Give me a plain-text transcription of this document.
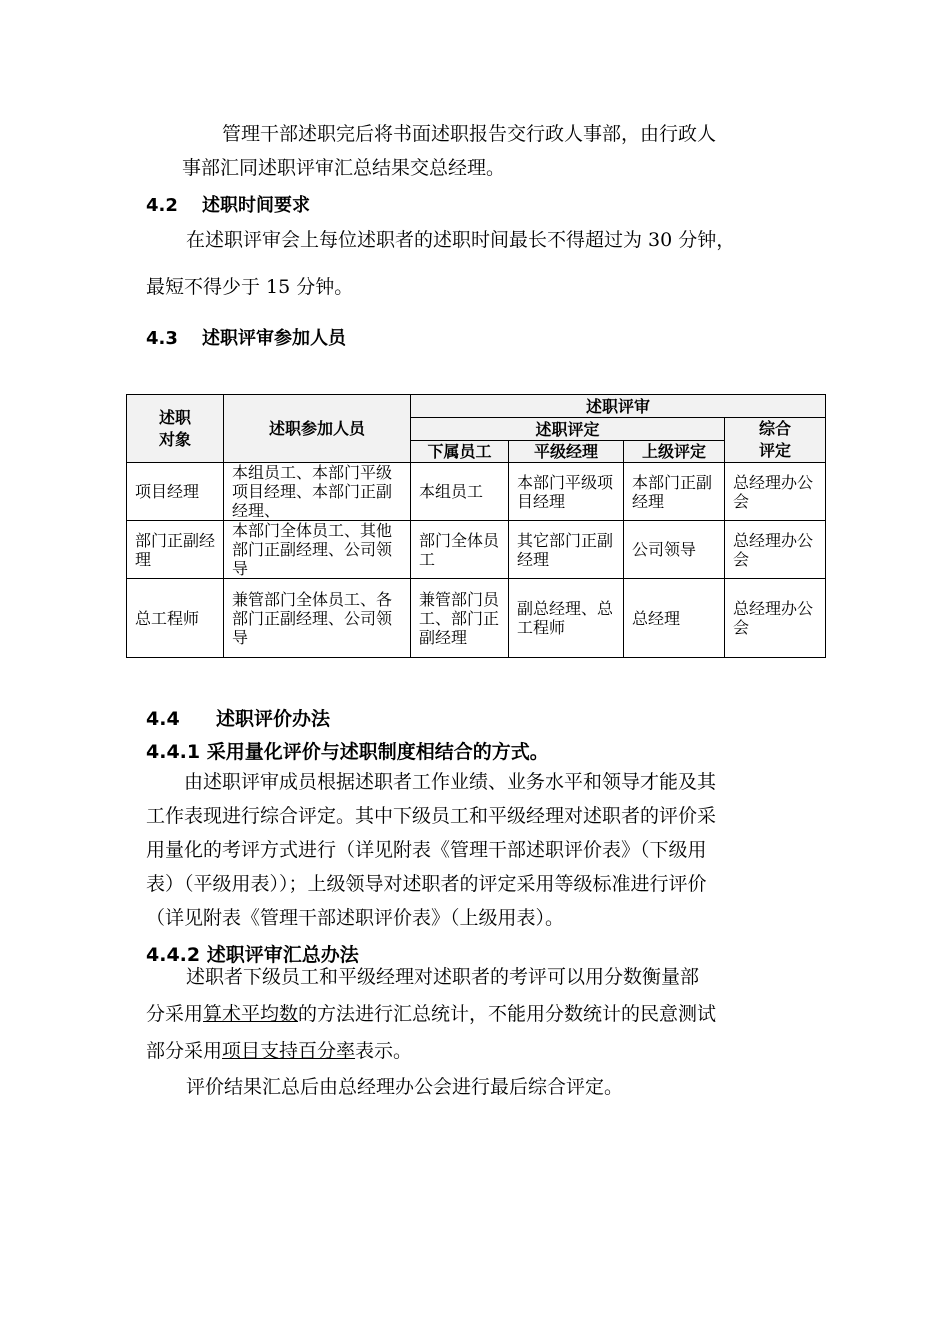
管理干部述职完后将书面述职报告交行政人事部，由行政人
事部汇同述职评审汇总结果交总经理。
4.2 述职时间要求
在述职评审会上每位述职者的述职时间最长不得超过为 30 分钟，
最短不得少于 15 分钟。
4.3 述职评审参加人员
述职
对象	述职参加人员	述职评审			
		述职评定			综合
评定
		下属员工	平级经理	上级评定	
项目经理	本组员工、本部门平级项目经理、本部门正副经理、	本组员工	本部门平级项目经理	本部门正副经理	总经理办公会
部门正副经理	本部门全体员工、其他部门正副经理、公司领导	部门全体员工	其它部门正副经理	公司领导	总经理办公会
总工程师	兼管部门全体员工、各部门正副经理、公司领导	兼管部门员工、部门正副经理	副总经理、总工程师	总经理	总经理办公会
4.4 述职评价办法
4.4.1 采用量化评价与述职制度相结合的方式。
由述职评审成员根据述职者工作业绩、业务水平和领导才能及其
工作表现进行综合评定。其中下级员工和平级经理对述职者的评价采
用量化的考评方式进行（详见附表《管理干部述职评价表》（下级用
表）（平级用表））；上级领导对述职者的评定采用等级标准进行评价
（详见附表《管理干部述职评价表》（上级用表）。
4.4.2 述职评审汇总办法
述职者下级员工和平级经理对述职者的考评可以用分数衡量部
分采用算术平均数的方法进行汇总统计，不能用分数统计的民意测试
部分采用项目支持百分率表示。
评价结果汇总后由总经理办公会进行最后综合评定。
